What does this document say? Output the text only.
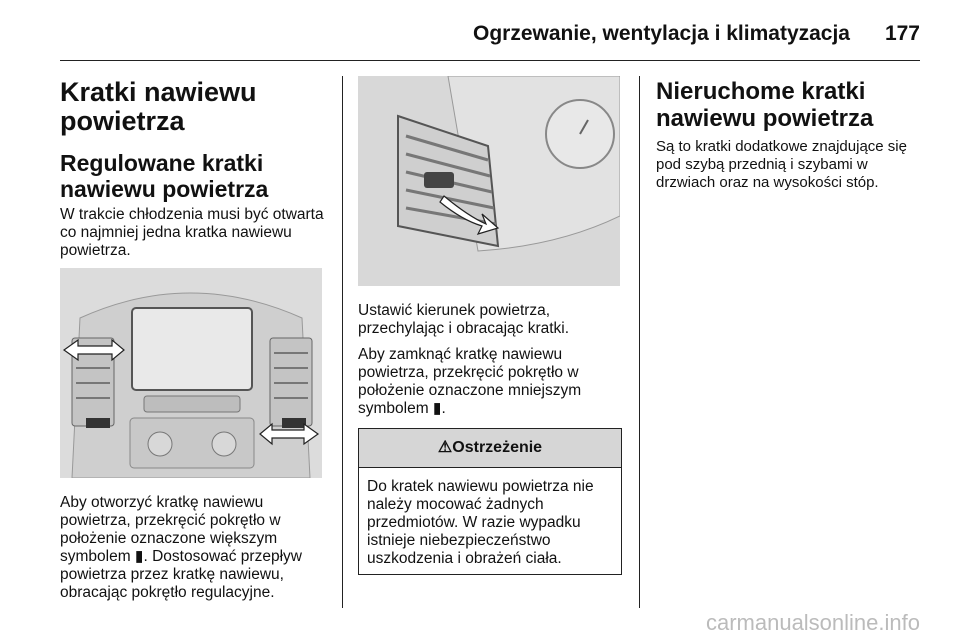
Ogrzewanie, wentylacja i klimatyzacja 177
Kratki nawiewu powietrza
Regulowane kratki nawiewu powietrza

W trakcie chłodzenia musi być otwarta co najmniej jedna kratka nawiewu powietrza.

Aby otworzyć kratkę nawiewu powietrza, przekręcić pokrętło w położenie oznaczone większym symbolem ▮. Dostosować przepływ powietrza przez kratkę nawiewu, obracając pokrętło regulacyjne.

Ustawić kierunek powietrza, przechylając i obracając kratki.

Aby zamknąć kratkę nawiewu powietrza, przekręcić pokrętło w położenie oznaczone mniejszym symbolem ▮.

⚠Ostrzeżenie
Do kratek nawiewu powietrza nie należy mocować żadnych przedmiotów. W razie wypadku istnieje niebezpieczeństwo uszkodzenia i obrażeń ciała.
Nieruchome kratki nawiewu powietrza

Są to kratki dodatkowe znajdujące się pod szybą przednią i szybami w drzwiach oraz na wysokości stóp.

carmanualsonline.info
